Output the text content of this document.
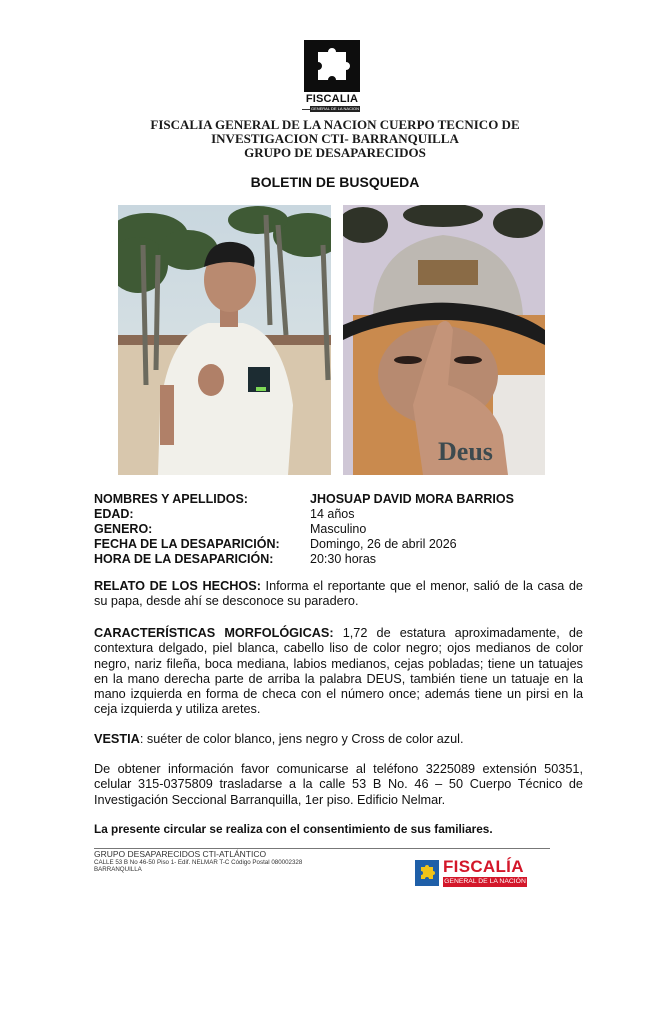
FISCALIA
GENERAL DE LA NACION
FISCALIA GENERAL DE LA NACION CUERPO TECNICO DE
INVESTIGACION CTI- BARRANQUILLA
GRUPO DE DESAPARECIDOS
BOLETIN DE BUSQUEDA
Deus
NOMBRES Y APELLIDOS:	JHOSUAP DAVID MORA BARRIOS
EDAD:	14 años
GENERO:	Masculino
FECHA DE LA DESAPARICIÓN: Domingo, 26 de abril 2026
HORA DE LA DESAPARICIÓN:	20:30 horas
RELATO DE LOS HECHOS: Informa el reportante que el menor, salió de la casa de su papa, desde ahí se desconoce su paradero.
CARACTERÍSTICAS MORFOLÓGICAS: 1,72 de estatura aproximadamente, de contextura delgado, piel blanca, cabello liso de color negro; ojos medianos de color negro, nariz fileña, boca mediana, labios medianos, cejas pobladas; tiene un tatuajes en la mano derecha parte de arriba la palabra DEUS, también tiene un tatuaje en la mano izquierda en forma de checa con el número once; además tiene un pirsi en la ceja izquierda y utiliza aretes.
VESTIA: suéter de color blanco, jens negro y Cross de color azul.
De obtener información favor comunicarse al teléfono 3225089 extensión 50351, celular 315-0375809 trasladarse a la calle 53 B No. 46 – 50 Cuerpo Técnico de Investigación Seccional Barranquilla, 1er piso. Edificio Nelmar.
La presente circular se realiza con el consentimiento de sus familiares.
GRUPO DESAPARECIDOS CTI-ATLÁNTICO
CALLE 53 B No 46-50 Piso 1- Edif. NELMAR T-C Código Postal 080002328
BARRANQUILLA	FISCALÍA
GENERAL DE LA NACIÓN
